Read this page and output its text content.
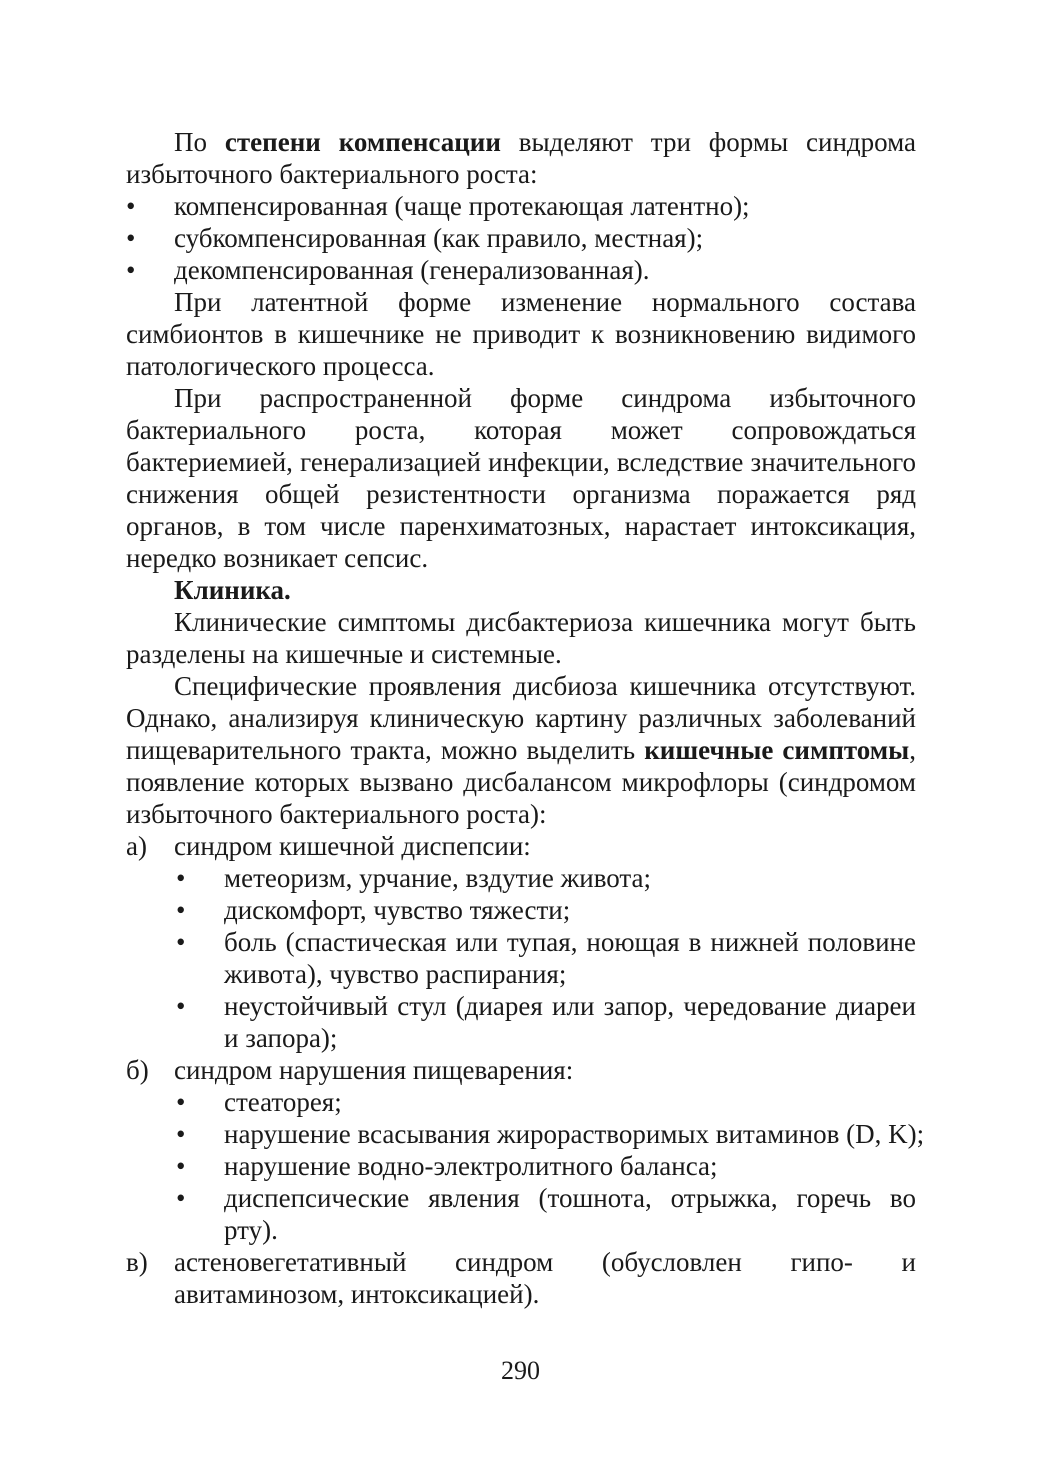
По степени компенсации выделяют три формы синдрома избыточного бактериального роста:

• компенсированная (чаще протекающая латентно);
• субкомпенсированная (как правило, местная);
• декомпенсированная (генерализованная).

При латентной форме изменение нормального состава симбионтов в кишечнике не приводит к возникновению видимого патологического процесса.

При распространенной форме синдрома избыточного бактериального роста, которая может сопровождаться бактериемией, генерализацией инфекции, вследствие значительного снижения общей резистентности организма поражается ряд органов, в том числе паренхиматозных, нарастает интоксикация, нередко возникает сепсис.

Клиника.

Клинические симптомы дисбактериоза кишечника могут быть разделены на кишечные и системные.

Специфические проявления дисбиоза кишечника отсутствуют. Однако, анализируя клиническую картину различных заболеваний пищеварительного тракта, можно выделить кишечные симптомы, появление которых вызвано дисбалансом микрофлоры (синдромом избыточного бактериального роста):

а) синдром кишечной диспепсии:
• метеоризм, урчание, вздутие живота;
• дискомфорт, чувство тяжести;
• боль (спастическая или тупая, ноющая в нижней половине живота), чувство распирания;
• неустойчивый стул (диарея или запор, чередование диареи и запора);
б) синдром нарушения пищеварения:
• стеаторея;
• нарушение всасывания жирорастворимых витаминов (D, K);
• нарушение водно-электролитного баланса;
• диспепсические явления (тошнота, отрыжка, горечь во рту).
в) астеновегетативный синдром (обусловлен гипо- и авитаминозом, интоксикацией).
290
